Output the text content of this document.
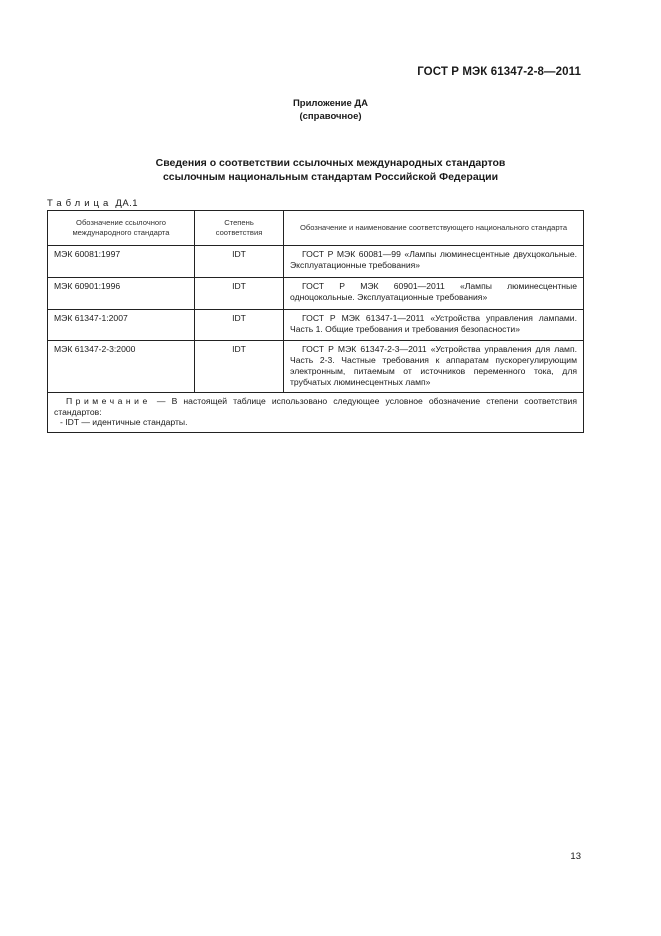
ГОСТ Р МЭК 61347-2-8—2011
Приложение ДА
(справочное)
Сведения о соответствии ссылочных международных стандартов
ссылочным национальным стандартам Российской Федерации
Таблица ДА.1
Обозначение ссылочного международного стандарта	Степень соответствия	Обозначение и наименование соответствующего национального стандарта
МЭК 60081:1997	IDT	ГОСТ Р МЭК 60081—99 «Лампы люминесцентные двухцокольные. Эксплуатационные требования»
МЭК 60901:1996	IDT	ГОСТ Р МЭК 60901—2011 «Лампы люминесцентные одноцокольные. Эксплуатационные требования»
МЭК 61347-1:2007	IDT	ГОСТ Р МЭК 61347-1—2011 «Устройства управления лампами. Часть 1. Общие требования и требования безопасности»
МЭК 61347-2-3:2000	IDT	ГОСТ Р МЭК 61347-2-3—2011 «Устройства управления для ламп. Часть 2-3. Частные требования к аппаратам пускорегулирующим электронным, питаемым от источников переменного тока, для трубчатых люминесцентных ламп»

Примечание — В настоящей таблице использовано следующее условное обозначение степени соответствия стандартов:
- IDT — идентичные стандарты.		
13
